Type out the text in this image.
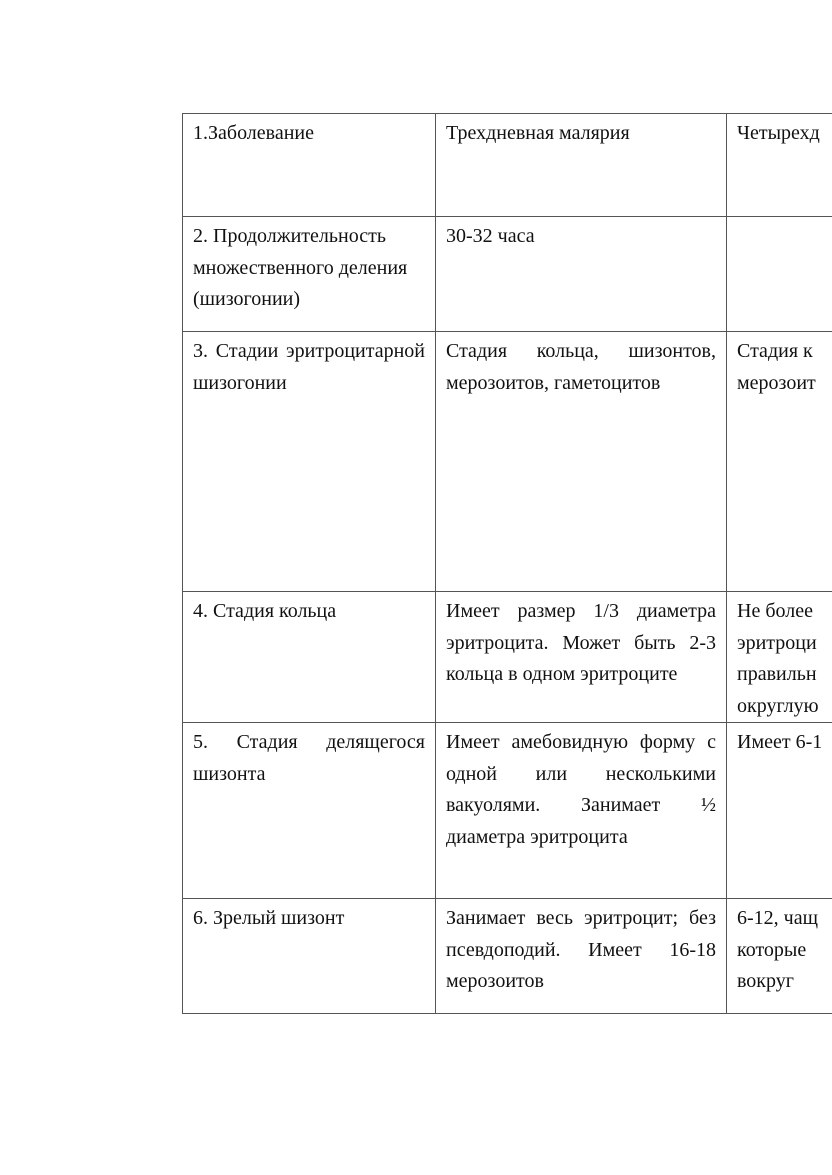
1.Заболевание	Трехдневная малярия	Четырехд
2. Продолжительность множественного деления (шизогонии)	30-32 часа	
3. Стадии эритроцитарной шизогонии	Стадия кольца, шизонтов, мерозоитов, гаметоцитов	Стадия к
мерозоит

4. Стадия кольца	Имеет размер 1/3 диаметра эритроцита. Может быть 2-3 кольца в одном эритроците	Не более
эритроци
правильн
округлую

5. Стадия делящегося шизонта	Имеет амебовидную форму с одной или несколькими вакуолями. Занимает ½ диаметра эритроцита	Имеет 6-1

6. Зрелый шизонт	Занимает весь эритроцит; без псевдоподий. Имеет 16-18 мерозоитов	6-12, чащ
которые
вокруг
